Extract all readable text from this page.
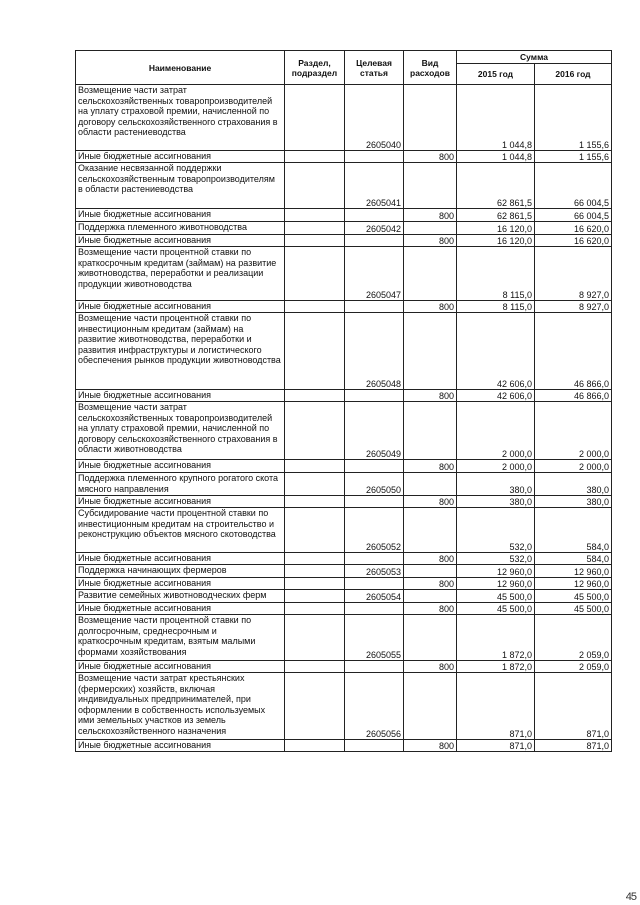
Наименование	Раздел, подраздел	Целевая статья	Вид расходов	Сумма	
				2015 год	2016 год
Возмещение части затрат сельскохозяйственных товаропроизводителей на уплату страховой премии, начисленной по договору сельскохозяйственного страхования в области растениеводства		2605040		1 044,8	1 155,6
Иные бюджетные ассигнования			800	1 044,8	1 155,6
Оказание несвязанной поддержки сельскохозяйственным товаропроизводителям в области растениеводства		2605041		62 861,5	66 004,5
Иные бюджетные ассигнования			800	62 861,5	66 004,5
Поддержка племенного животноводства		2605042		16 120,0	16 620,0
Иные бюджетные ассигнования			800	16 120,0	16 620,0
Возмещение части процентной ставки по краткосрочным кредитам (займам) на развитие животноводства, переработки и реализации продукции животноводства		2605047		8 115,0	8 927,0
Иные бюджетные ассигнования			800	8 115,0	8 927,0
Возмещение части процентной ставки по инвестиционным кредитам (займам) на развитие животноводства, переработки и развития инфраструктуры и логистического обеспечения рынков продукции животноводства		2605048		42 606,0	46 866,0
Иные бюджетные ассигнования			800	42 606,0	46 866,0
Возмещение части затрат сельскохозяйственных товаропроизводителей на уплату страховой премии, начисленной по договору сельскохозяйственного страхования в области животноводства		2605049		2 000,0	2 000,0
Иные бюджетные ассигнования			800	2 000,0	2 000,0
Поддержка племенного крупного рогатого скота мясного направления		2605050		380,0	380,0
Иные бюджетные ассигнования			800	380,0	380,0
Субсидирование части процентной ставки по инвестиционным кредитам на строительство и реконструкцию объектов мясного скотоводства		2605052		532,0	584,0
Иные бюджетные ассигнования			800	532,0	584,0
Поддержка начинающих фермеров		2605053		12 960,0	12 960,0
Иные бюджетные ассигнования			800	12 960,0	12 960,0
Развитие семейных животноводческих ферм		2605054		45 500,0	45 500,0
Иные бюджетные ассигнования			800	45 500,0	45 500,0
Возмещение части процентной ставки по долгосрочным, среднесрочным и краткосрочным кредитам, взятым малыми формами хозяйствования		2605055		1 872,0	2 059,0
Иные бюджетные ассигнования			800	1 872,0	2 059,0
Возмещение части затрат крестьянских (фермерских) хозяйств, включая индивидуальных предпринимателей, при оформлении в собственность используемых ими земельных участков из земель сельскохозяйственного назначения		2605056		871,0	871,0
Иные бюджетные ассигнования			800	871,0	871,0
45
